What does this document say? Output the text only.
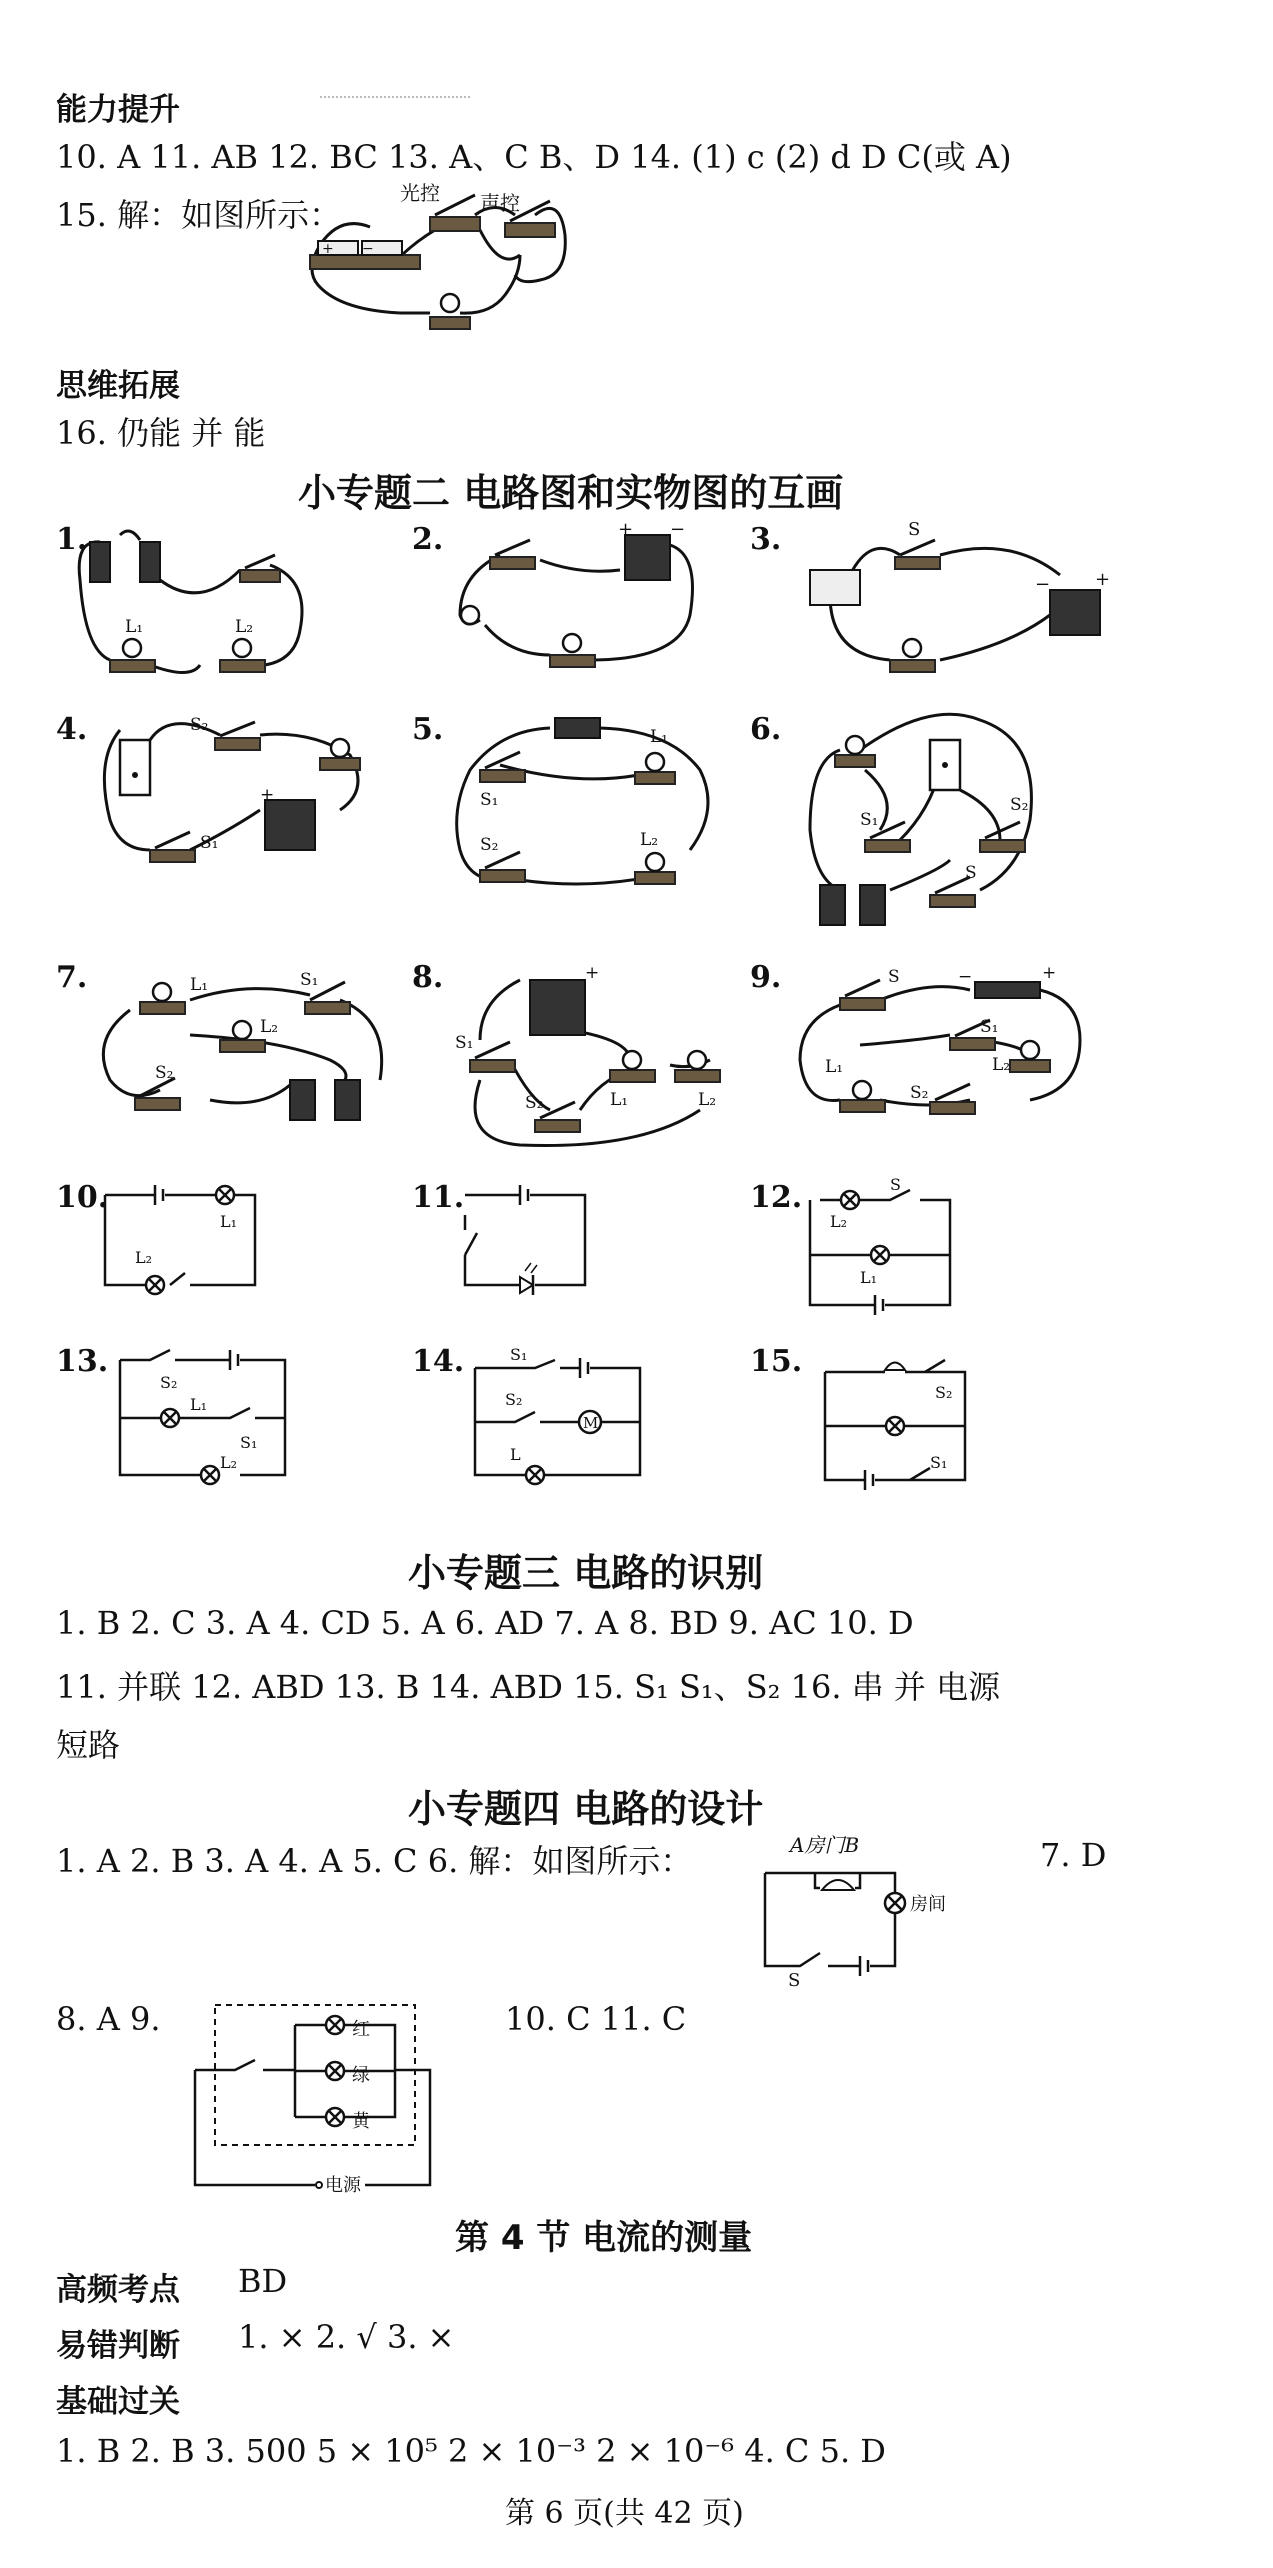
能力提升
10. A 11. AB 12. BC 13. A、C B、D 14. (1) c (2) d D C(或 A)
15. 解：如图所示：
+ −
光控 声控
思维拓展
16. 仍能 并 能
小专题二 电路图和实物图的互画
1.
L₁	L₂
2.	+ − 3.	S
− +
4.	S₂
S₁
+
5.
S₁
S₂
L₁
L₂
6.
S₁
S₂
S
7.	L₁	S₁
L₂
S₂
8.	+
S₁
S₂	L₁	L₂
9.	S	−	+
S₁
L₂
L₁
S₂
10.
L₁
L₂
11.	12.	S
L₂
L₁
13.
S₂
L₁
S₁
L₂
14.	S₁
S₂
M
L
15.
S₂
S₁
小专题三 电路的识别
1. B 2. C 3. A 4. CD 5. A 6. AD 7. A 8. BD 9. AC 10. D
11. 并联 12. ABD 13. B 14. ABD 15. S₁ S₁、S₂ 16. 串 并 电源
短路
小专题四 电路的设计
1. A 2. B 3. A 4. A 5. C 6. 解：如图所示：	7. D
A房门B
房间
S
8. A 9.	红
绿
黄
电源
10. C 11. C
第 4 节 电流的测量
高频考点 BD
易错判断 1. × 2. √ 3. ×
基础过关
1. B 2. B 3. 500 5 × 10⁵ 2 × 10⁻³ 2 × 10⁻⁶ 4. C 5. D
第 6 页(共 42 页)
